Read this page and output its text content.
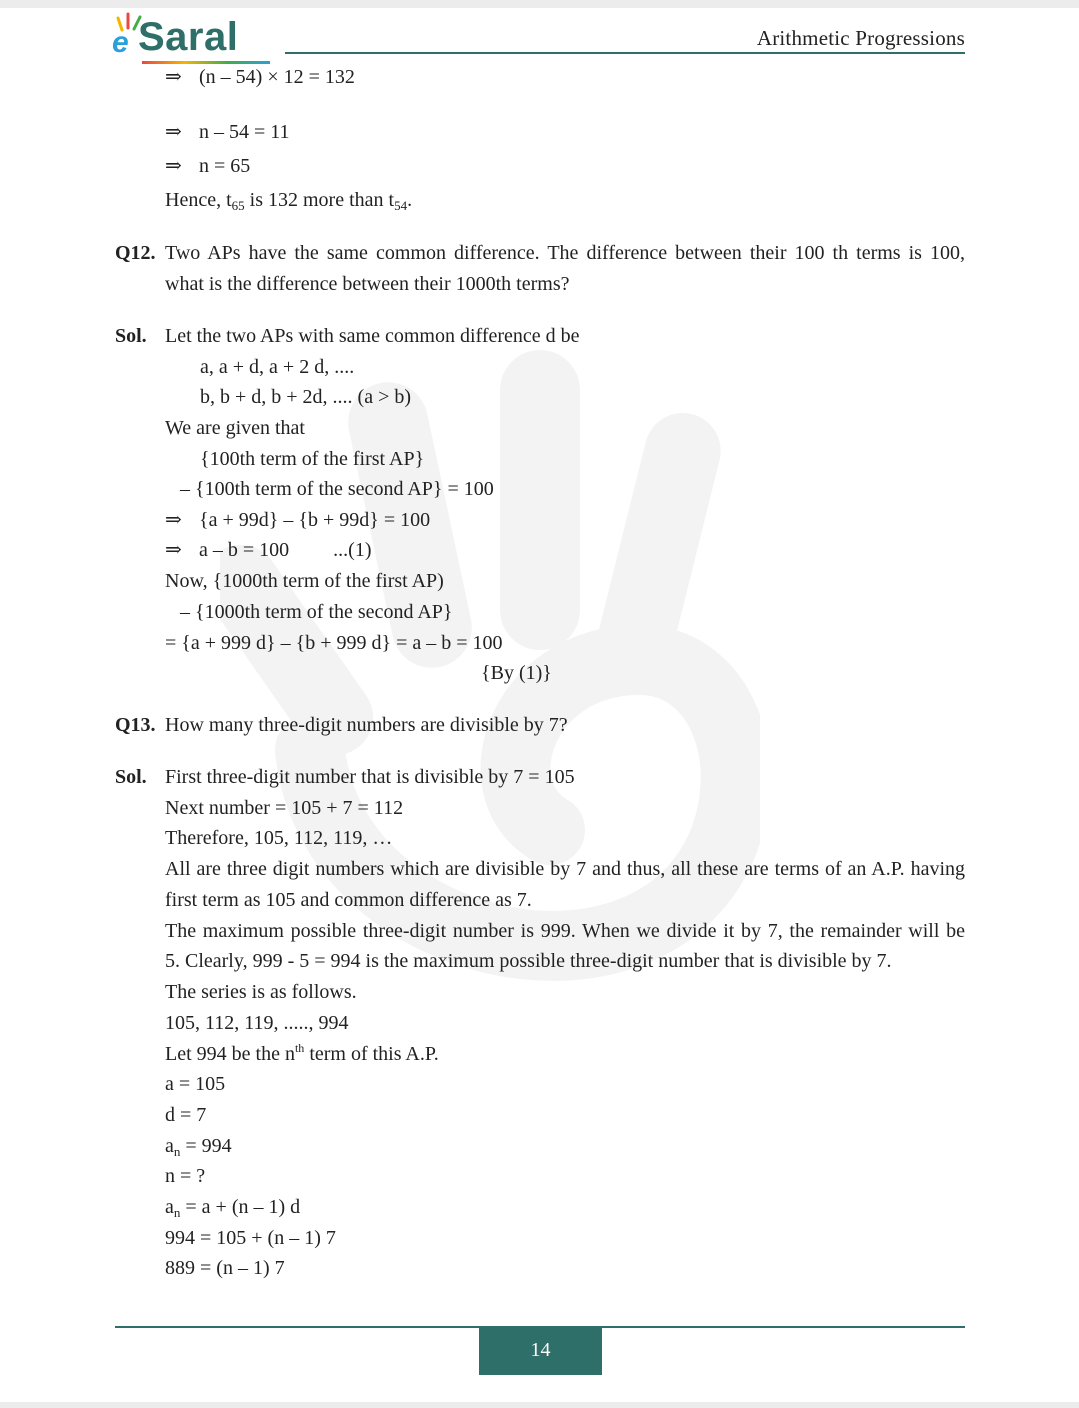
e Saral	Arithmetic Progressions
⇒ (n – 54) × 12 = 132
⇒ n – 54 = 11
⇒ n = 65
Hence, $t_{65}$ is 132 more than $t_{54}$.
Q12. Two APs have the same common difference. The difference between their 100 th terms is 100,
what is the difference between their 1000th terms?
Sol. Let the two APs with same common difference d be
a, a + d, a + 2 d, ....
b, b + d, b + 2d, .... (a > b)
We are given that
{100th term of the first AP}
– {100th term of the second AP} = 100
⇒ {a + 99d} – {b + 99d} = 100
⇒ a – b = 100 ...(1)
Now, {1000th term of the first AP)
– {1000th term of the second AP}
= {a + 999 d} – {b + 999 d} = a – b = 100
{By (1)}
Q13. How many three-digit numbers are divisible by 7?
Sol. First three-digit number that is divisible by 7 = 105
Next number = 105 + 7 = 112
Therefore, 105, 112, 119, …
All are three digit numbers which are divisible by 7 and thus, all these are terms of an A.P. having
first term as 105 and common difference as 7.
The maximum possible three-digit number is 999. When we divide it by 7, the remainder will be
5. Clearly, 999 - 5 = 994 is the maximum possible three-digit number that is divisible by 7.
The series is as follows.
105, 112, 119, ....., 994
Let 994 be the $n^{th}$ term of this A.P.
a = 105
d = 7
$a_n = 994$
n = ?
$a_n = a + (n - 1)$ d
994 = 105 + (n – 1) 7
889 = (n – 1) 7
14
